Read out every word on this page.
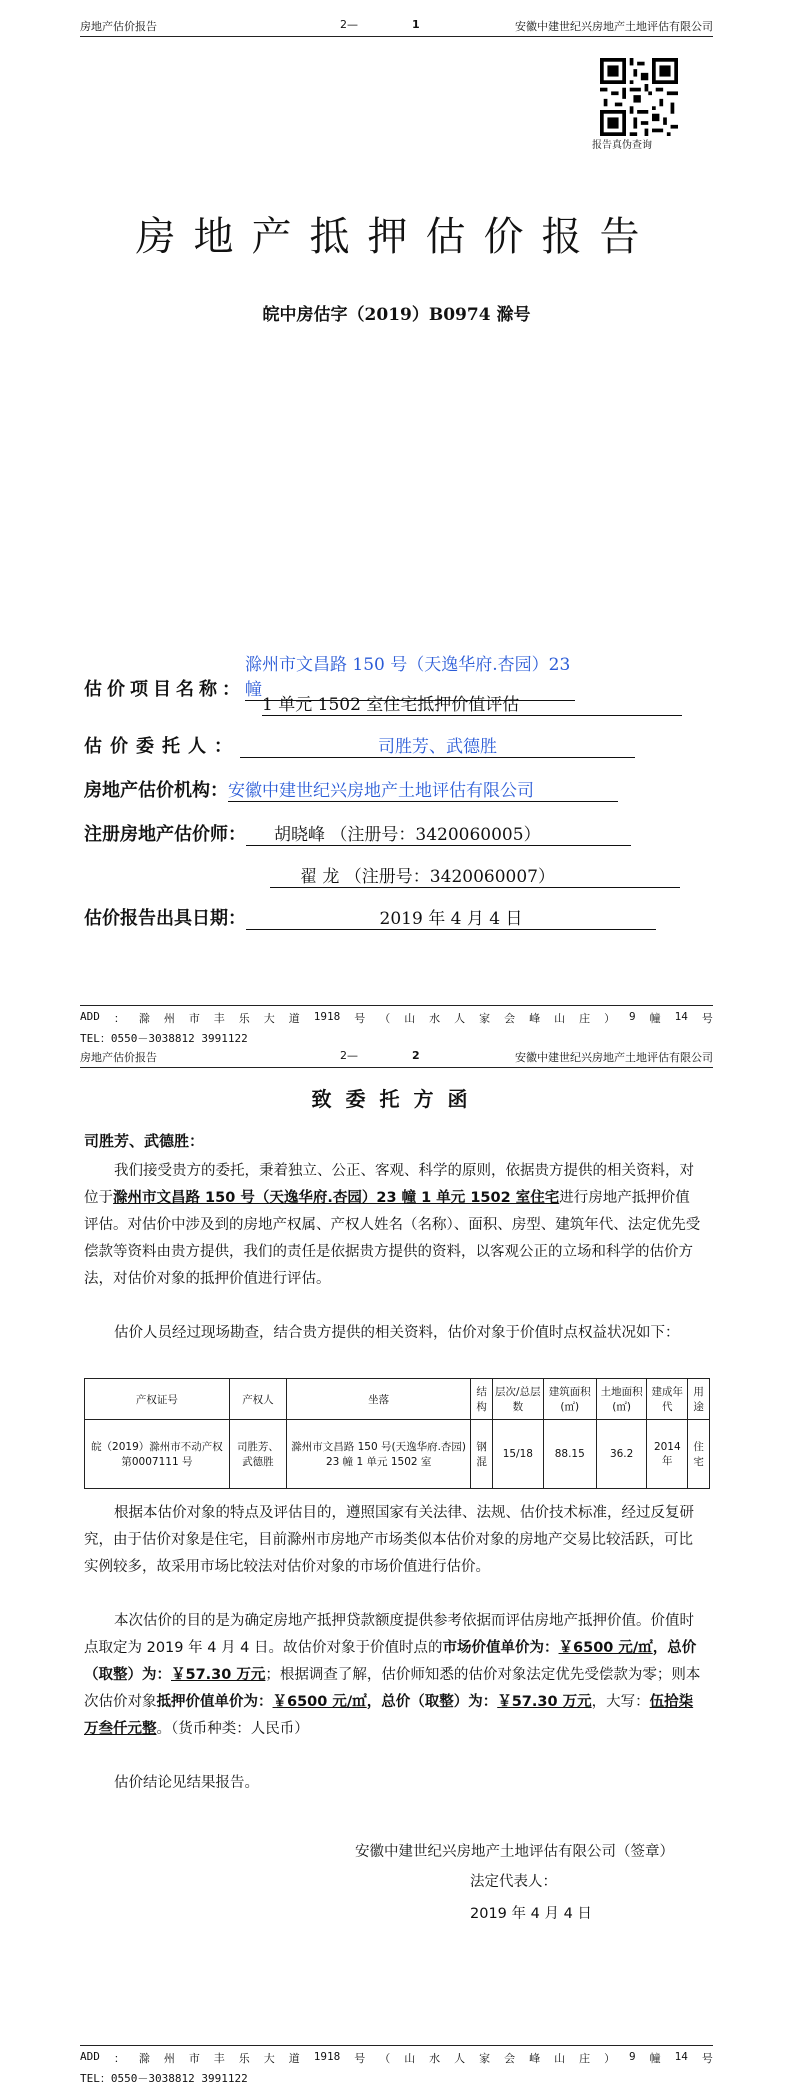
房地产估价报告	2—	1	安徽中建世纪兴房地产土地评估有限公司
报告真伪查询
房地产抵押估价报告
皖中房估字（2019）B0974 滁号
估价项目名称：滁州市文昌路 150 号（天逸华府.杏园）23 幢
1 单元 1502 室住宅抵押价值评估
估价委托人：	司胜芳、武德胜
房地产估价机构：安徽中建世纪兴房地产土地评估有限公司
注册房地产估价师： 胡晓峰 （注册号：3420060005）
翟 龙 （注册号：3420060007）
估价报告出具日期：	2019 年 4 月 4 日
ADD ： 滁 州 市 丰 乐 大 道 1918 号 （ 山 水 人 家 会 峰 山 庄 ） 9 幢 14 号
TEL：0550－3038812 3991122
房地产估价报告	2—	2	安徽中建世纪兴房地产土地评估有限公司
致委托方函
司胜芳、武德胜：
我们接受贵方的委托，秉着独立、公正、客观、科学的原则，依据贵方提供的相关资料，对位于滁州市文昌路 150 号（天逸华府.杏园）23 幢 1 单元 1502 室住宅进行房地产抵押价值评估。对估价中涉及到的房地产权属、产权人姓名（名称）、面积、房型、建筑年代、法定优先受偿款等资料由贵方提供，我们的责任是依据贵方提供的资料，以客观公正的立场和科学的估价方法，对估价对象的抵押价值进行评估。
估价人员经过现场勘查，结合贵方提供的相关资料，估价对象于价值时点权益状况如下：
产权证号	产权人	坐落	结构	层次/总层数	建筑面积(㎡)	土地面积(㎡)	建成年代	用途
皖（2019）滁州市不动产权第0007111 号	司胜芳、武德胜	滁州市文昌路 150 号(天逸华府.杏园) 23 幢 1 单元 1502 室	钢混	15/18	88.15	36.2	2014 年	住宅
根据本估价对象的特点及评估目的，遵照国家有关法律、法规、估价技术标准，经过反复研究，由于估价对象是住宅，目前滁州市房地产市场类似本估价对象的房地产交易比较活跃，可比实例较多，故采用市场比较法对估价对象的市场价值进行估价。
本次估价的目的是为确定房地产抵押贷款额度提供参考依据而评估房地产抵押价值。价值时点取定为 2019 年 4 月 4 日。故估价对象于价值时点的市场价值单价为：￥6500 元/㎡，总价（取整）为：￥57.30 万元；根据调查了解，估价师知悉的估价对象法定优先受偿款为零；则本次估价对象抵押价值单价为：￥6500 元/㎡，总价（取整）为：￥57.30 万元，大写：伍拾柒万叁仟元整。（货币种类：人民币）
估价结论见结果报告。
安徽中建世纪兴房地产土地评估有限公司（签章）
法定代表人：
2019 年 4 月 4 日
ADD ： 滁 州 市 丰 乐 大 道 1918 号 （ 山 水 人 家 会 峰 山 庄 ） 9 幢 14 号
TEL：0550－3038812 3991122
